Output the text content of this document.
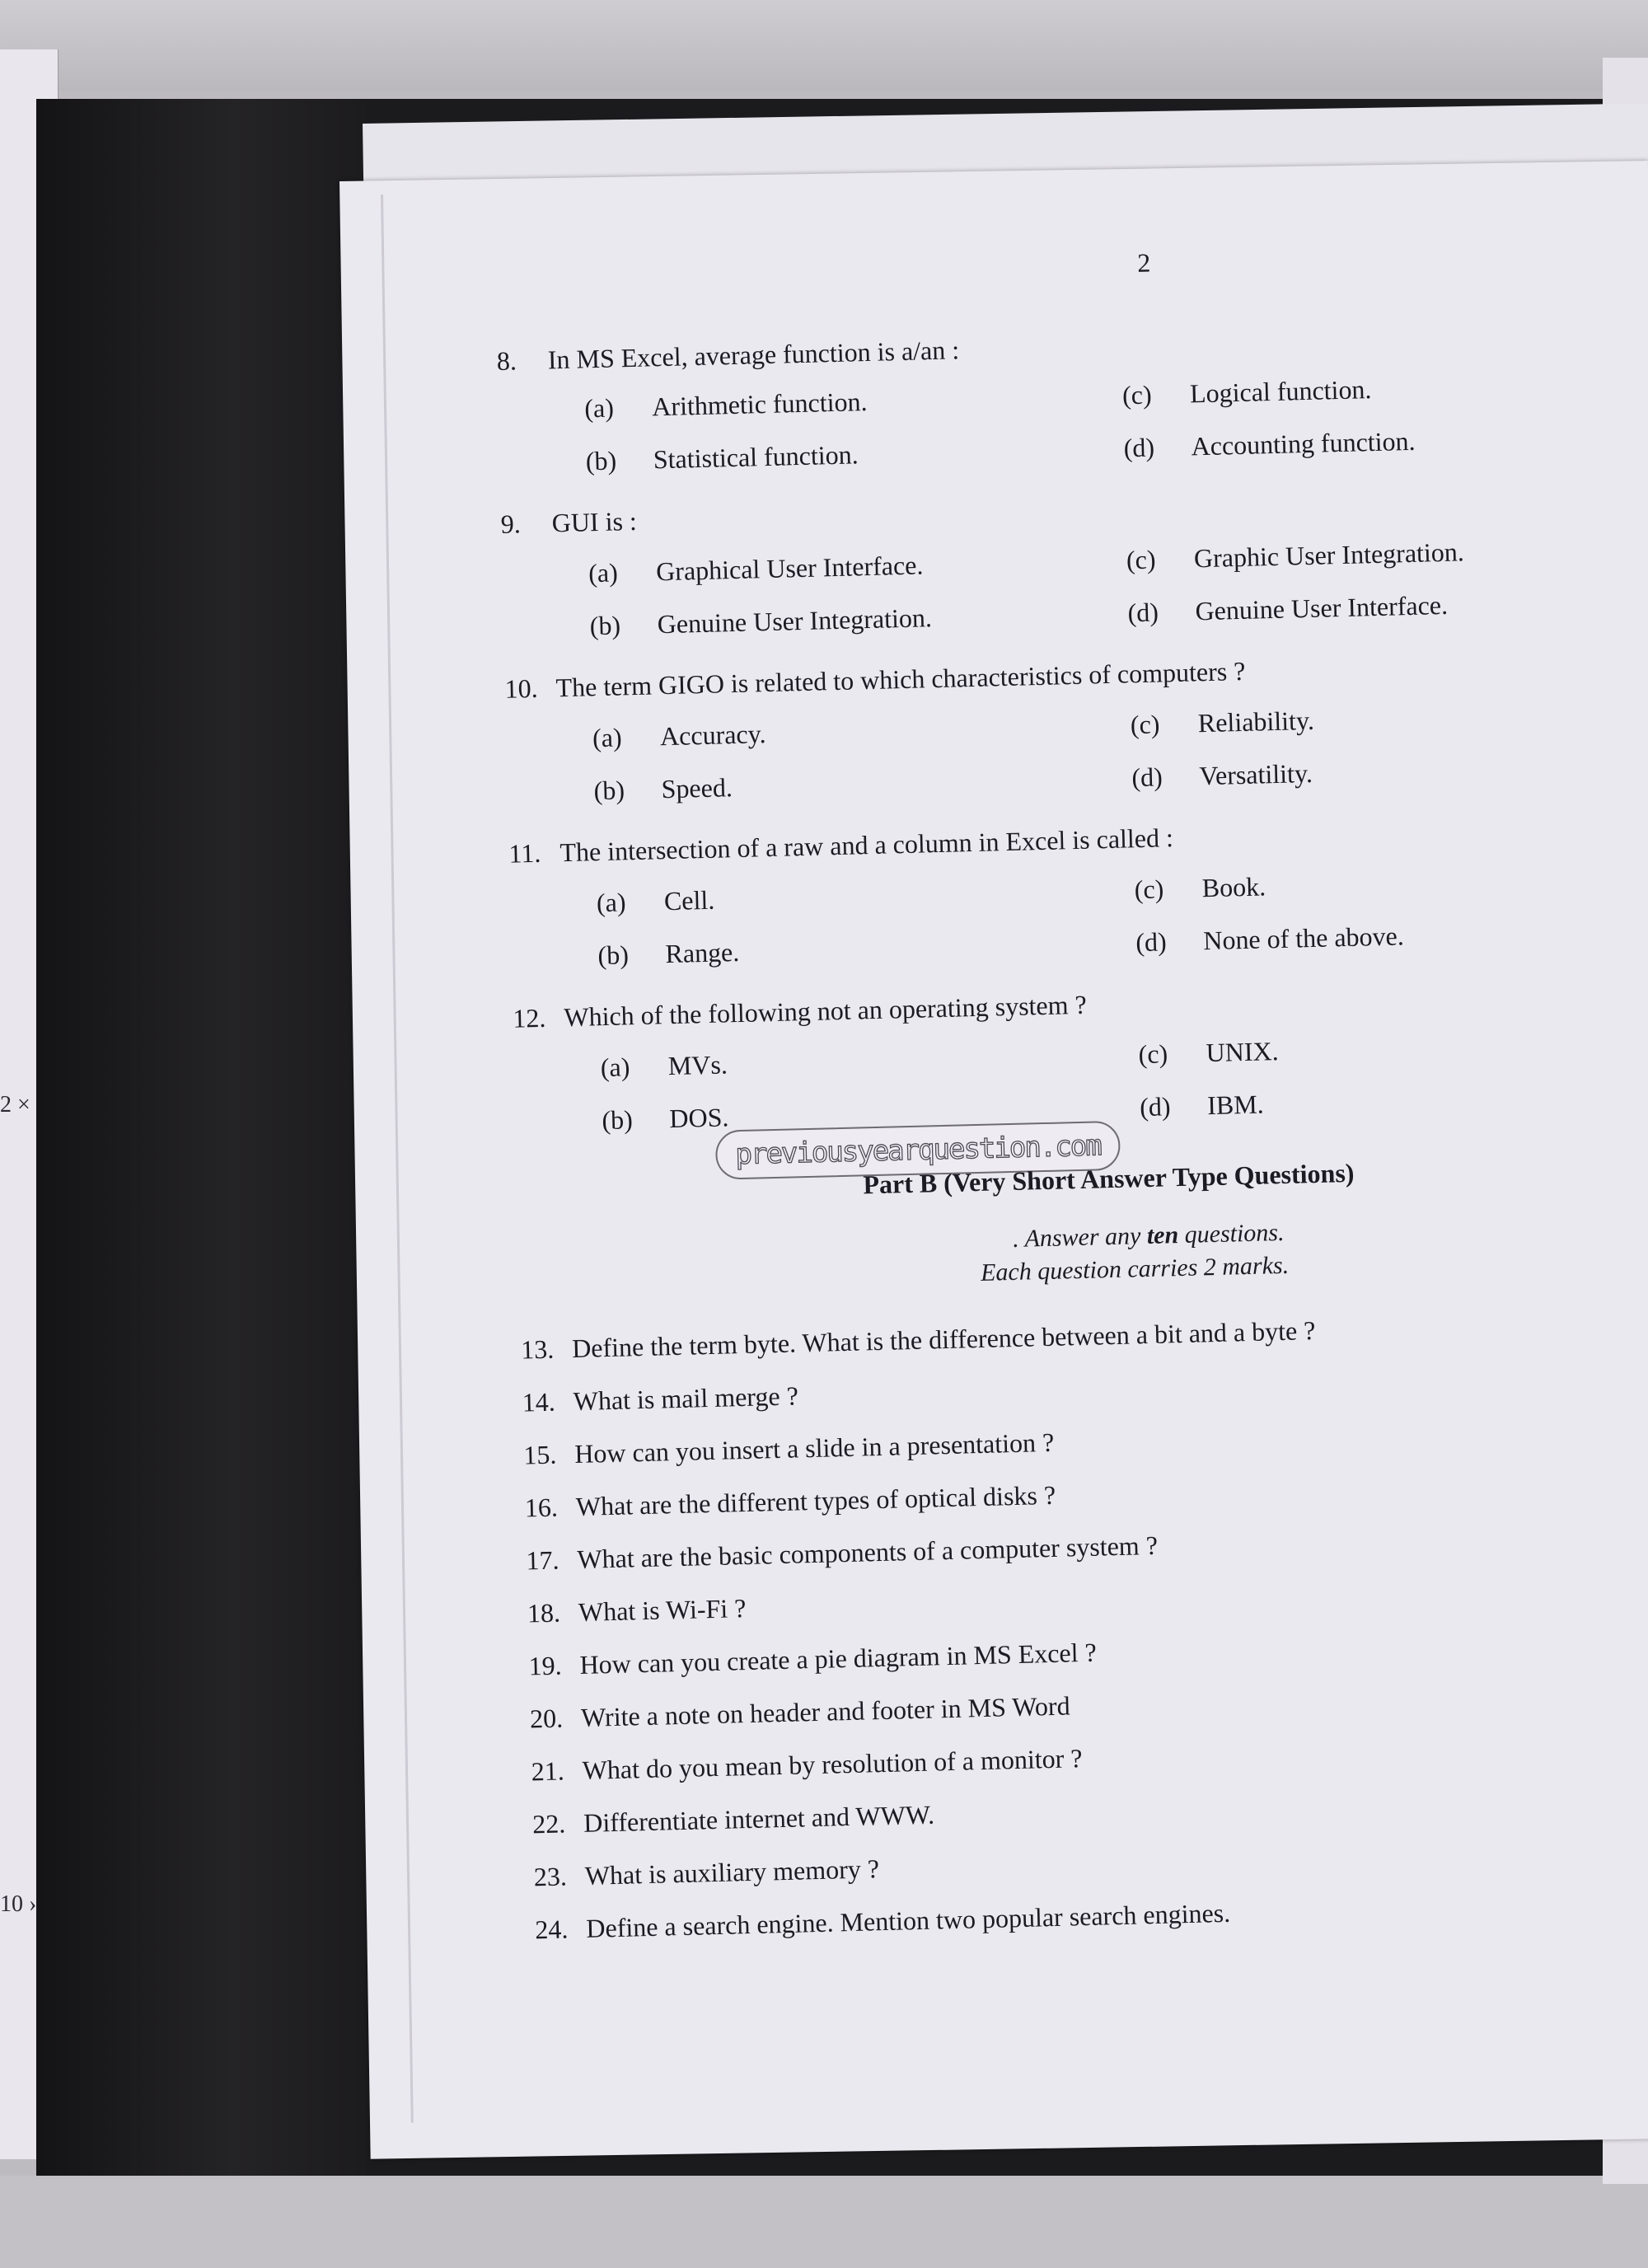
2 ×
10 ›
2
8. In MS Excel, average function is a/an :
(a) Arithmetic function.
(b) Statistical function.
(c) Logical function.
(d) Accounting function.
9. GUI is :
(a) Graphical User Interface.
(b) Genuine User Integration.
(c) Graphic User Integration.
(d) Genuine User Interface.
10. The term GIGO is related to which characteristics of computers ?
(a) Accuracy.
(b) Speed.
(c) Reliability.
(d) Versatility.
11. The intersection of a raw and a column in Excel is called :
(a) Cell.
(b) Range.
(c) Book.
(d) None of the above.
12. Which of the following not an operating system ?
(a) MVs.
(b) DOS.
(c) UNIX.
(d) IBM.
previousyearquestion.com
Part B (Very Short Answer Type Questions)
. Answer any ten questions.
Each question carries 2 marks.
13. Define the term byte. What is the difference between a bit and a byte ?
14. What is mail merge ?
15. How can you insert a slide in a presentation ?
16. What are the different types of optical disks ?
17. What are the basic components of a computer system ?
18. What is Wi-Fi ?
19. How can you create a pie diagram in MS Excel ?
20. Write a note on header and footer in MS Word
21. What do you mean by resolution of a monitor ?
22. Differentiate internet and WWW.
23. What is auxiliary memory ?
24. Define a search engine. Mention two popular search engines.
